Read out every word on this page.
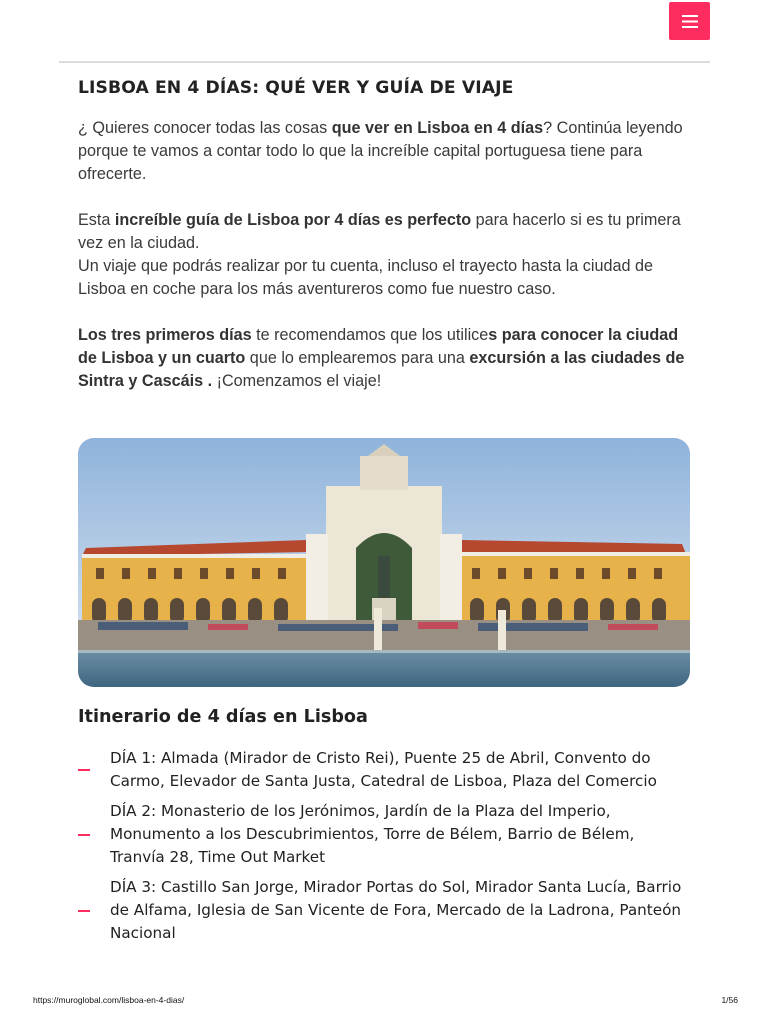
LISBOA EN 4 DÍAS: QUÉ VER Y GUÍA DE VIAJE

¿ Quieres conocer todas las cosas que ver en Lisboa en 4 días? Continúa leyendo porque te vamos a contar todo lo que la increíble capital portuguesa tiene para ofrecerte.

Esta increíble guía de Lisboa por 4 días es perfecto para hacerlo si es tu primera vez en la ciudad.
Un viaje que podrás realizar por tu cuenta, incluso el trayecto hasta la ciudad de Lisboa en coche para los más aventureros como fue nuestro caso.

Los tres primeros días te recomendamos que los utilices para conocer la ciudad de Lisboa y un cuarto que lo emplearemos para una excursión a las ciudades de Sintra y Cascáis . ¡Comenzamos el viaje!

Itinerario de 4 días en Lisboa
DÍA 1: Almada (Mirador de Cristo Rei), Puente 25 de Abril, Convento do Carmo, Elevador de Santa Justa, Catedral de Lisboa, Plaza del Comercio
DÍA 2: Monasterio de los Jerónimos, Jardín de la Plaza del Imperio, Monumento a los Descubrimientos, Torre de Bélem, Barrio de Bélem, Tranvía 28, Time Out Market
DÍA 3: Castillo San Jorge, Mirador Portas do Sol, Mirador Santa Lucía, Barrio de Alfama, Iglesia de San Vicente de Fora, Mercado de la Ladrona, Panteón Nacional
https://muroglobal.com/lisboa-en-4-dias/	1/56
